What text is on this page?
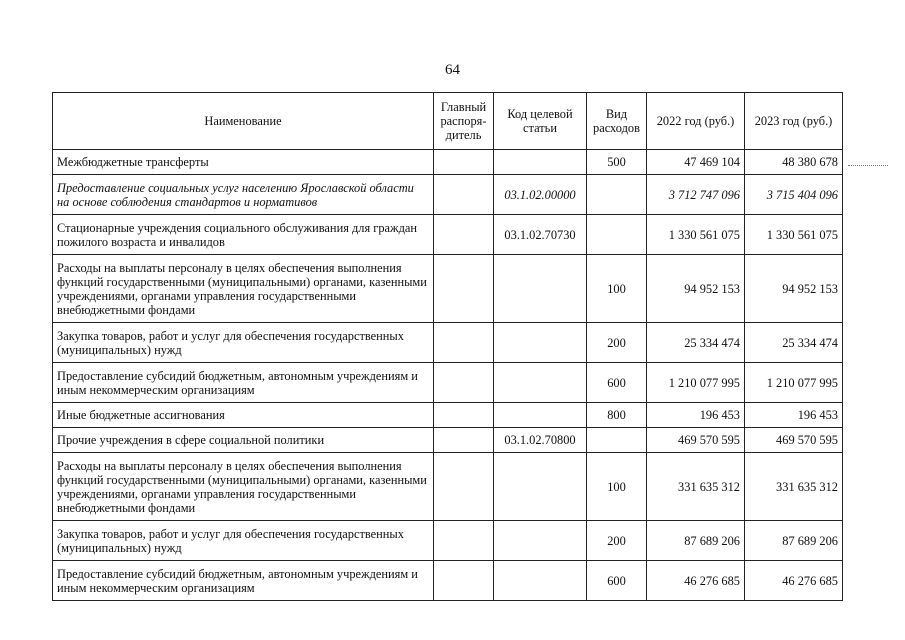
64
Наименование	Главный распоря-дитель	Код целевой статьи	Вид расходов	2022 год (руб.)	2023 год (руб.)
Межбюджетные трансферты			500	47 469 104	48 380 678
Предоставление социальных услуг населению Ярославской области на основе соблюдения стандартов и нормативов		03.1.02.00000		3 712 747 096	3 715 404 096
Стационарные учреждения социального обслуживания для граждан пожилого возраста и инвалидов		03.1.02.70730		1 330 561 075	1 330 561 075
Расходы на выплаты персоналу в целях обеспечения выполнения функций государственными (муниципальными) органами, казенными учреждениями, органами управления государственными внебюджетными фондами			100	94 952 153	94 952 153
Закупка товаров, работ и услуг для обеспечения государственных (муниципальных) нужд			200	25 334 474	25 334 474
Предоставление субсидий бюджетным, автономным учреждениям и иным некоммерческим организациям			600	1 210 077 995	1 210 077 995
Иные бюджетные ассигнования			800	196 453	196 453
Прочие учреждения в сфере социальной политики		03.1.02.70800		469 570 595	469 570 595
Расходы на выплаты персоналу в целях обеспечения выполнения функций государственными (муниципальными) органами, казенными учреждениями, органами управления государственными внебюджетными фондами			100	331 635 312	331 635 312
Закупка товаров, работ и услуг для обеспечения государственных (муниципальных) нужд			200	87 689 206	87 689 206
Предоставление субсидий бюджетным, автономным учреждениям и иным некоммерческим организациям			600	46 276 685	46 276 685
